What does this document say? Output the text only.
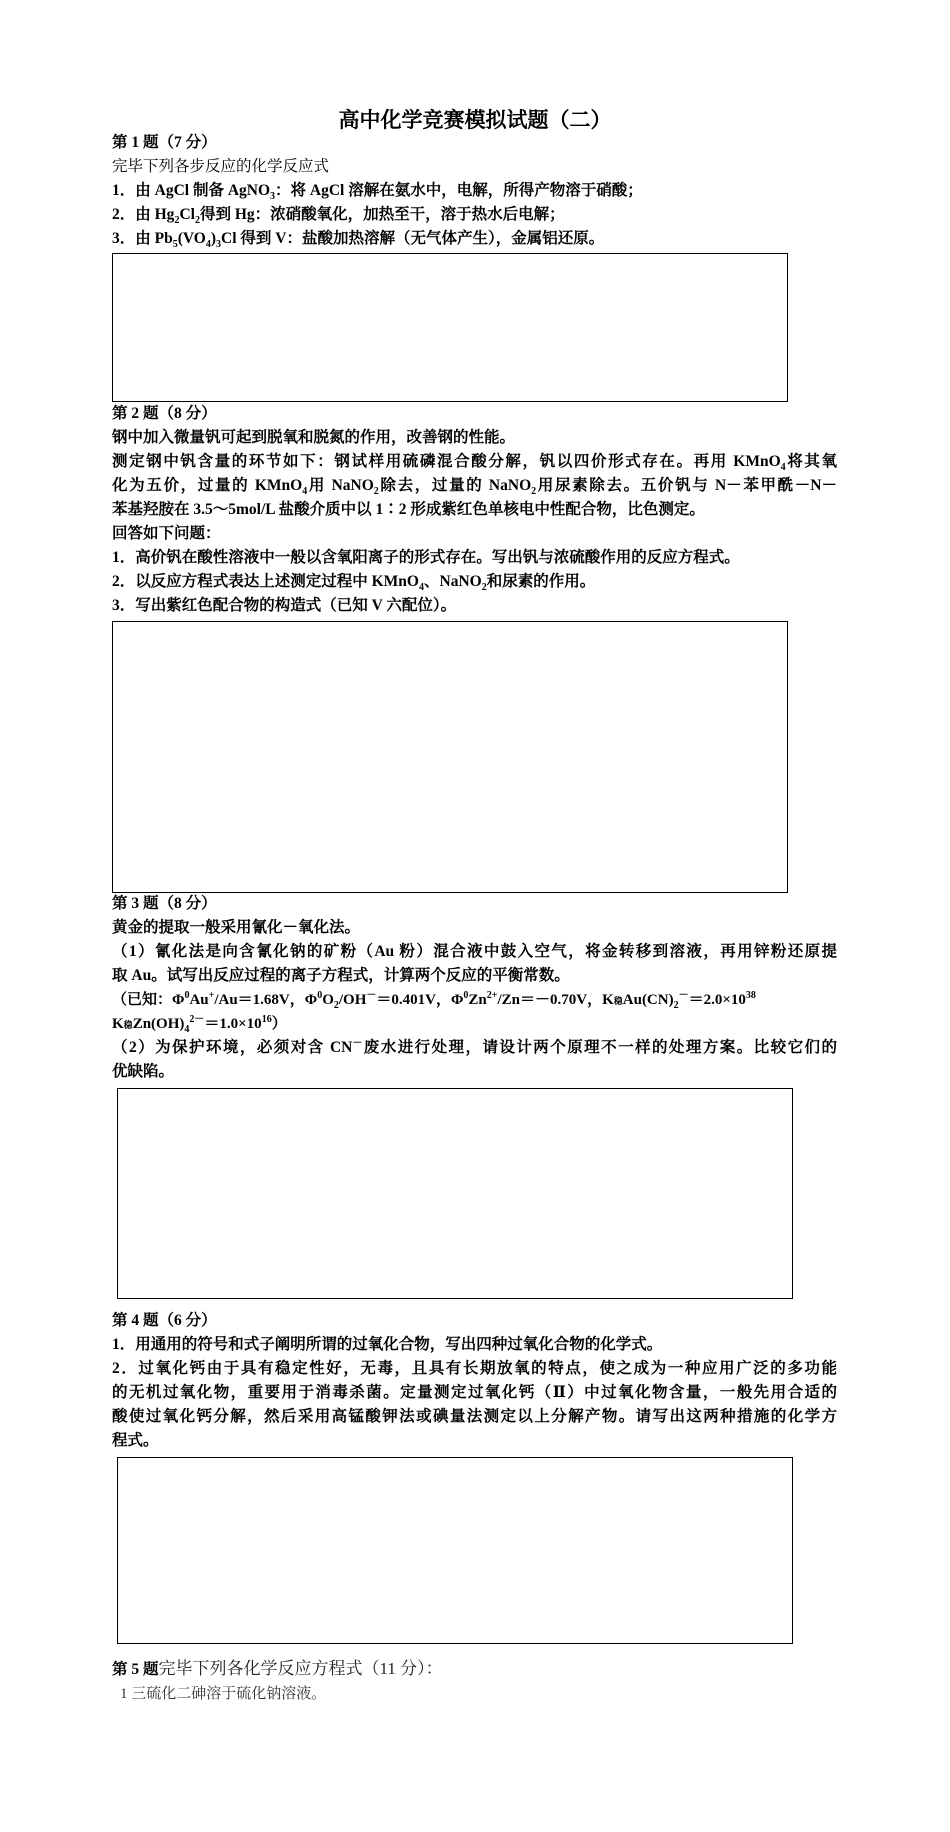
高中化学竞赛模拟试题（二）
第 1 题（7 分）
完毕下列各步反应的化学反应式
1．由 AgCl 制备 AgNO$_3$：将 AgCl 溶解在氨水中，电解，所得产物溶于硝酸；
2．由 $Hg_2Cl_2$得到 Hg：浓硝酸氧化，加热至干，溶于热水后电解；
3．由 $Pb_5(VO_4)_3Cl$ 得到 V：盐酸加热溶解（无气体产生），金属铝还原。
第 2 题（8 分）
钢中加入微量钒可起到脱氧和脱氮的作用，改善钢的性能。
测定钢中钒含量的环节如下：钢试样用硫磷混合酸分解，钒以四价形式存在。再用 KMnO$_4$将其氧
化为五价，过量的 KMnO$_4$用 NaNO$_2$除去，过量的 NaNO$_2$用尿素除去。五价钒与 N－苯甲酰－N－
苯基羟胺在 3.5～5mol/L 盐酸介质中以 1∶2 形成紫红色单核电中性配合物，比色测定。
回答如下问题：
1．高价钒在酸性溶液中一般以含氧阳离子的形式存在。写出钒与浓硫酸作用的反应方程式。
2．以反应方程式表达上述测定过程中 KMnO$_4$、NaNO$_2$和尿素的作用。
3．写出紫红色配合物的构造式（已知 V 六配位）。
第 3 题（8 分）
黄金的提取一般采用氰化－氧化法。
（1）氰化法是向含氰化钠的矿粉（Au 粉）混合液中鼓入空气，将金转移到溶液，再用锌粉还原提
取 Au。试写出反应过程的离子方程式，计算两个反应的平衡常数。
（已知：$\Phi^0Au^+/Au=1.68V$，$\Phi^0O_2/OH^-=0.401V$，$\Phi^0Zn^{2+}/Zn=-0.70V$，K稳$Au(CN)_2^-=2.0\times 10^{38}$
K稳$Zn(OH)_4^{2-}=1.0\times 10^{16}$）
（2）为保护环境，必须对含 CN－废水进行处理，请设计两个原理不一样的处理方案。比较它们的
优缺陷。
第 4 题（6 分）
1．用通用的符号和式子阐明所谓的过氧化合物，写出四种过氧化合物的化学式。
2．过氧化钙由于具有稳定性好，无毒，且具有长期放氧的特点，使之成为一种应用广泛的多功能
的无机过氧化物，重要用于消毒杀菌。定量测定过氧化钙（Ⅱ）中过氧化物含量，一般先用合适的
酸使过氧化钙分解，然后采用高锰酸钾法或碘量法测定以上分解产物。请写出这两种措施的化学方
程式。
第 5 题完毕下列各化学反应方程式（11 分）：
1 三硫化二砷溶于硫化钠溶液。
